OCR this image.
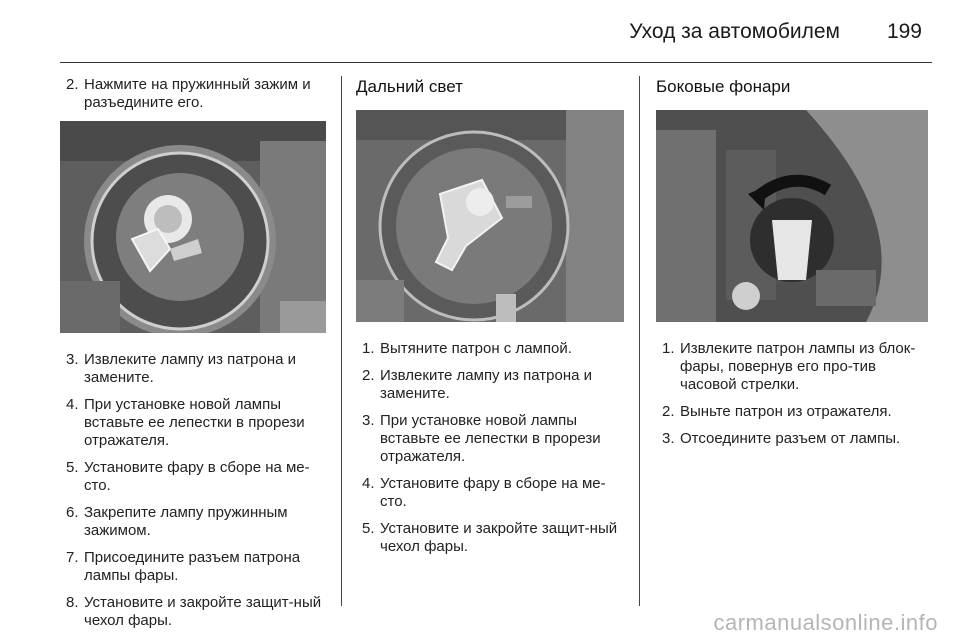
Уход за автомобилем 199
2. Нажмите на пружинный зажим и разъедините его.
3. Извлеките лампу из патрона и замените.
4. При установке новой лампы вставьте ее лепестки в прорези отражателя.
5. Установите фару в сборе на ме-сто.
6. Закрепите лампу пружинным зажимом.
7. Присоедините разъем патрона лампы фары.
8. Установите и закройте защит-ный чехол фары.
Дальний свет
1. Вытяните патрон с лампой.
2. Извлеките лампу из патрона и замените.
3. При установке новой лампы вставьте ее лепестки в прорези отражателя.
4. Установите фару в сборе на ме-сто.
5. Установите и закройте защит-ный чехол фары.
Боковые фонари
1. Извлеките патрон лампы из блок-фары, повернув его про-тив часовой стрелки.
2. Выньте патрон из отражателя.
3. Отсоедините разъем от лампы.
carmanualsonline.info
